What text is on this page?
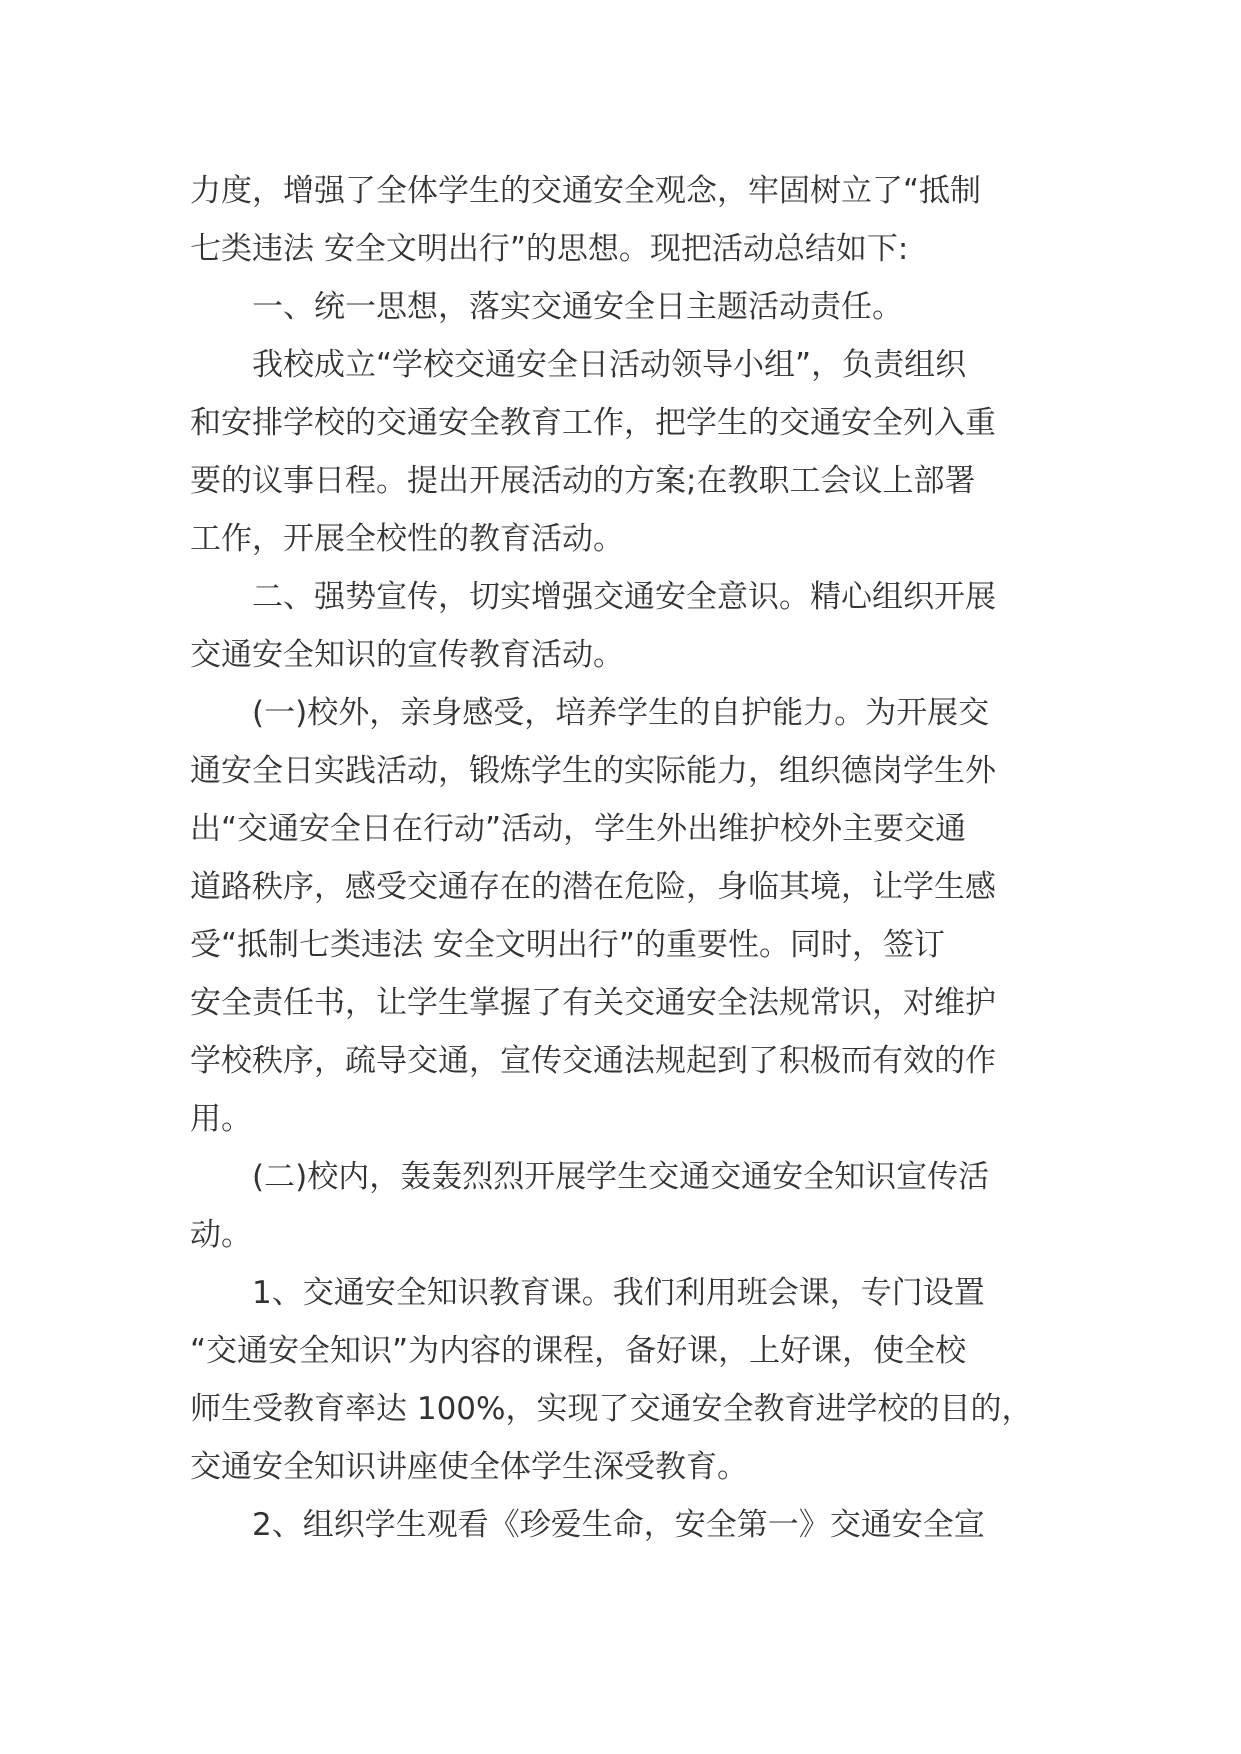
力度，增强了全体学生的交通安全观念，牢固树立了“抵制
七类违法 安全文明出行”的思想。现把活动总结如下:
一、统一思想，落实交通安全日主题活动责任。
我校成立“学校交通安全日活动领导小组”，负责组织
和安排学校的交通安全教育工作，把学生的交通安全列入重
要的议事日程。提出开展活动的方案;在教职工会议上部署
工作，开展全校性的教育活动。
二、强势宣传，切实增强交通安全意识。精心组织开展
交通安全知识的宣传教育活动。
(一)校外，亲身感受，培养学生的自护能力。为开展交
通安全日实践活动，锻炼学生的实际能力，组织德岗学生外
出“交通安全日在行动”活动，学生外出维护校外主要交通
道路秩序，感受交通存在的潜在危险，身临其境，让学生感
受“抵制七类违法 安全文明出行”的重要性。同时，签订
安全责任书，让学生掌握了有关交通安全法规常识，对维护
学校秩序，疏导交通，宣传交通法规起到了积极而有效的作
用。
(二)校内，轰轰烈烈开展学生交通交通安全知识宣传活
动。
1、交通安全知识教育课。我们利用班会课，专门设置
“交通安全知识”为内容的课程，备好课，上好课，使全校
师生受教育率达 100%，实现了交通安全教育进学校的目的，
交通安全知识讲座使全体学生深受教育。
2、组织学生观看《珍爱生命，安全第一》交通安全宣
